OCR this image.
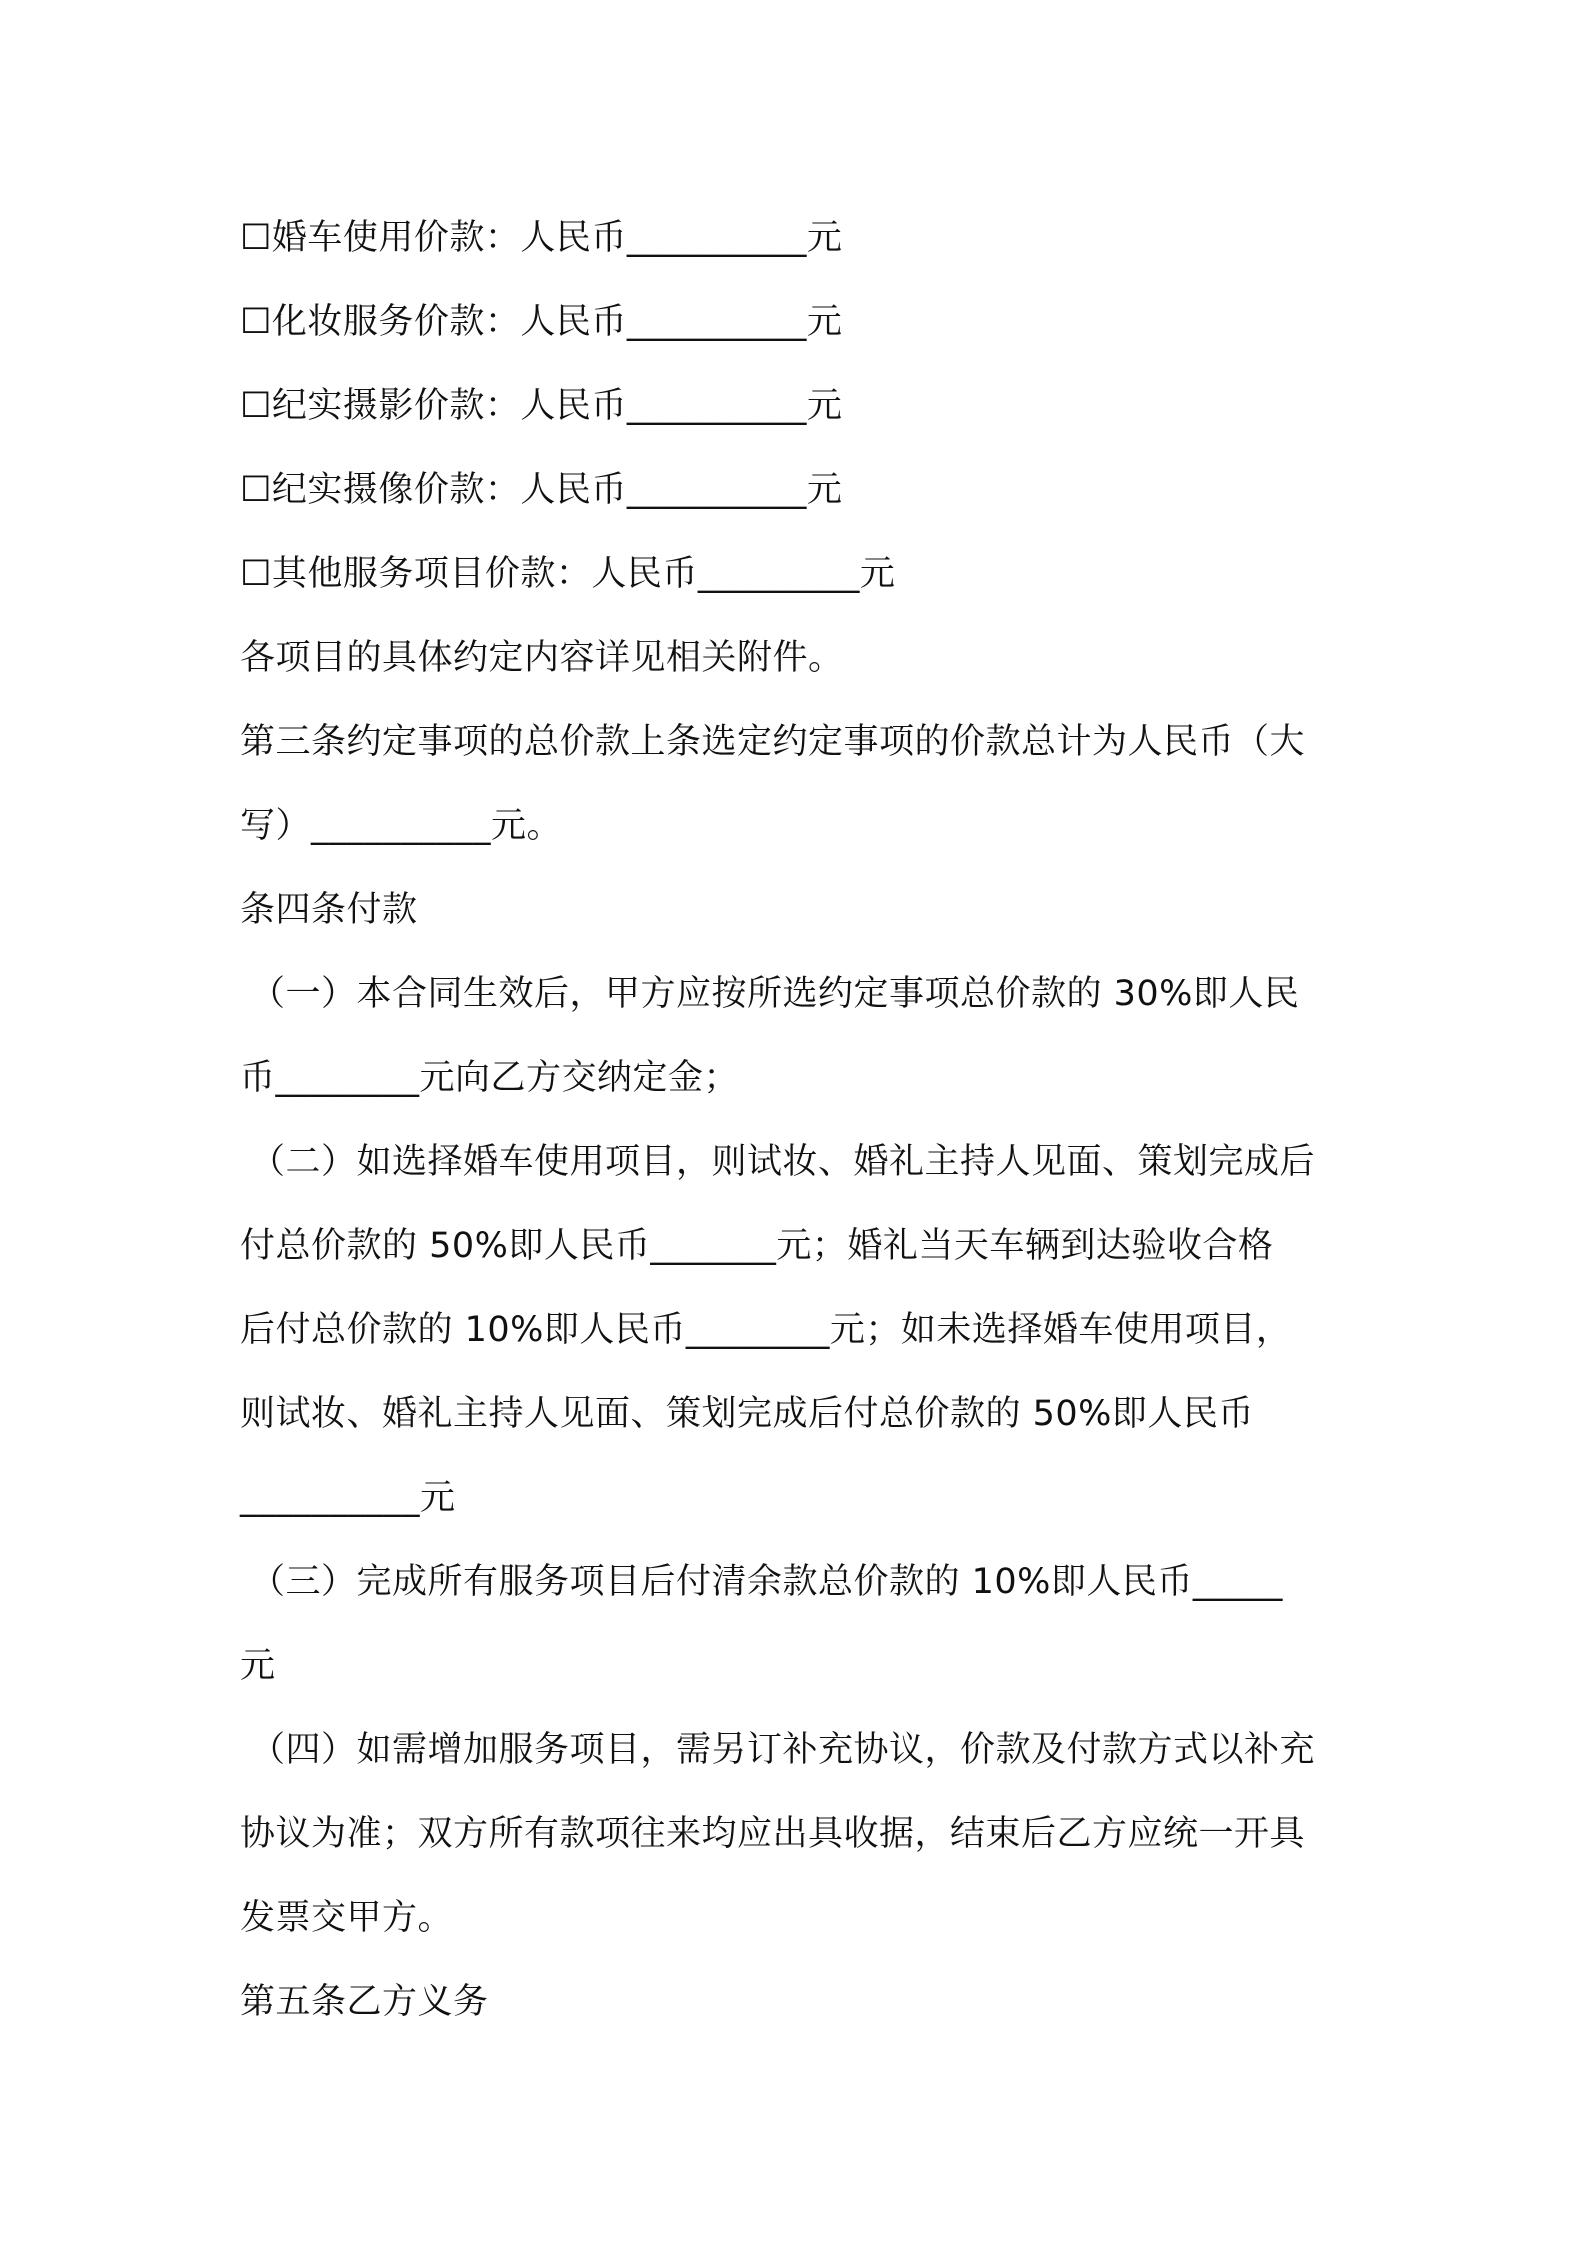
☐婚车使用价款：人民币__________元
☐化妆服务价款：人民币__________元
☐纪实摄影价款：人民币__________元
☐纪实摄像价款：人民币__________元
☐其他服务项目价款：人民币_________元
各项目的具体约定内容详见相关附件。
第三条约定事项的总价款上条选定约定事项的价款总计为人民币（大
写）__________元。
条四条付款
（一）本合同生效后，甲方应按所选约定事项总价款的 30%即人民
币________元向乙方交纳定金；
（二）如选择婚车使用项目，则试妆、婚礼主持人见面、策划完成后
付总价款的 50%即人民币_______元；婚礼当天车辆到达验收合格
后付总价款的 10%即人民币________元；如未选择婚车使用项目，
则试妆、婚礼主持人见面、策划完成后付总价款的 50%即人民币
__________元
（三）完成所有服务项目后付清余款总价款的 10%即人民币_____
元
（四）如需增加服务项目，需另订补充协议，价款及付款方式以补充
协议为准；双方所有款项往来均应出具收据，结束后乙方应统一开具
发票交甲方。
第五条乙方义务
